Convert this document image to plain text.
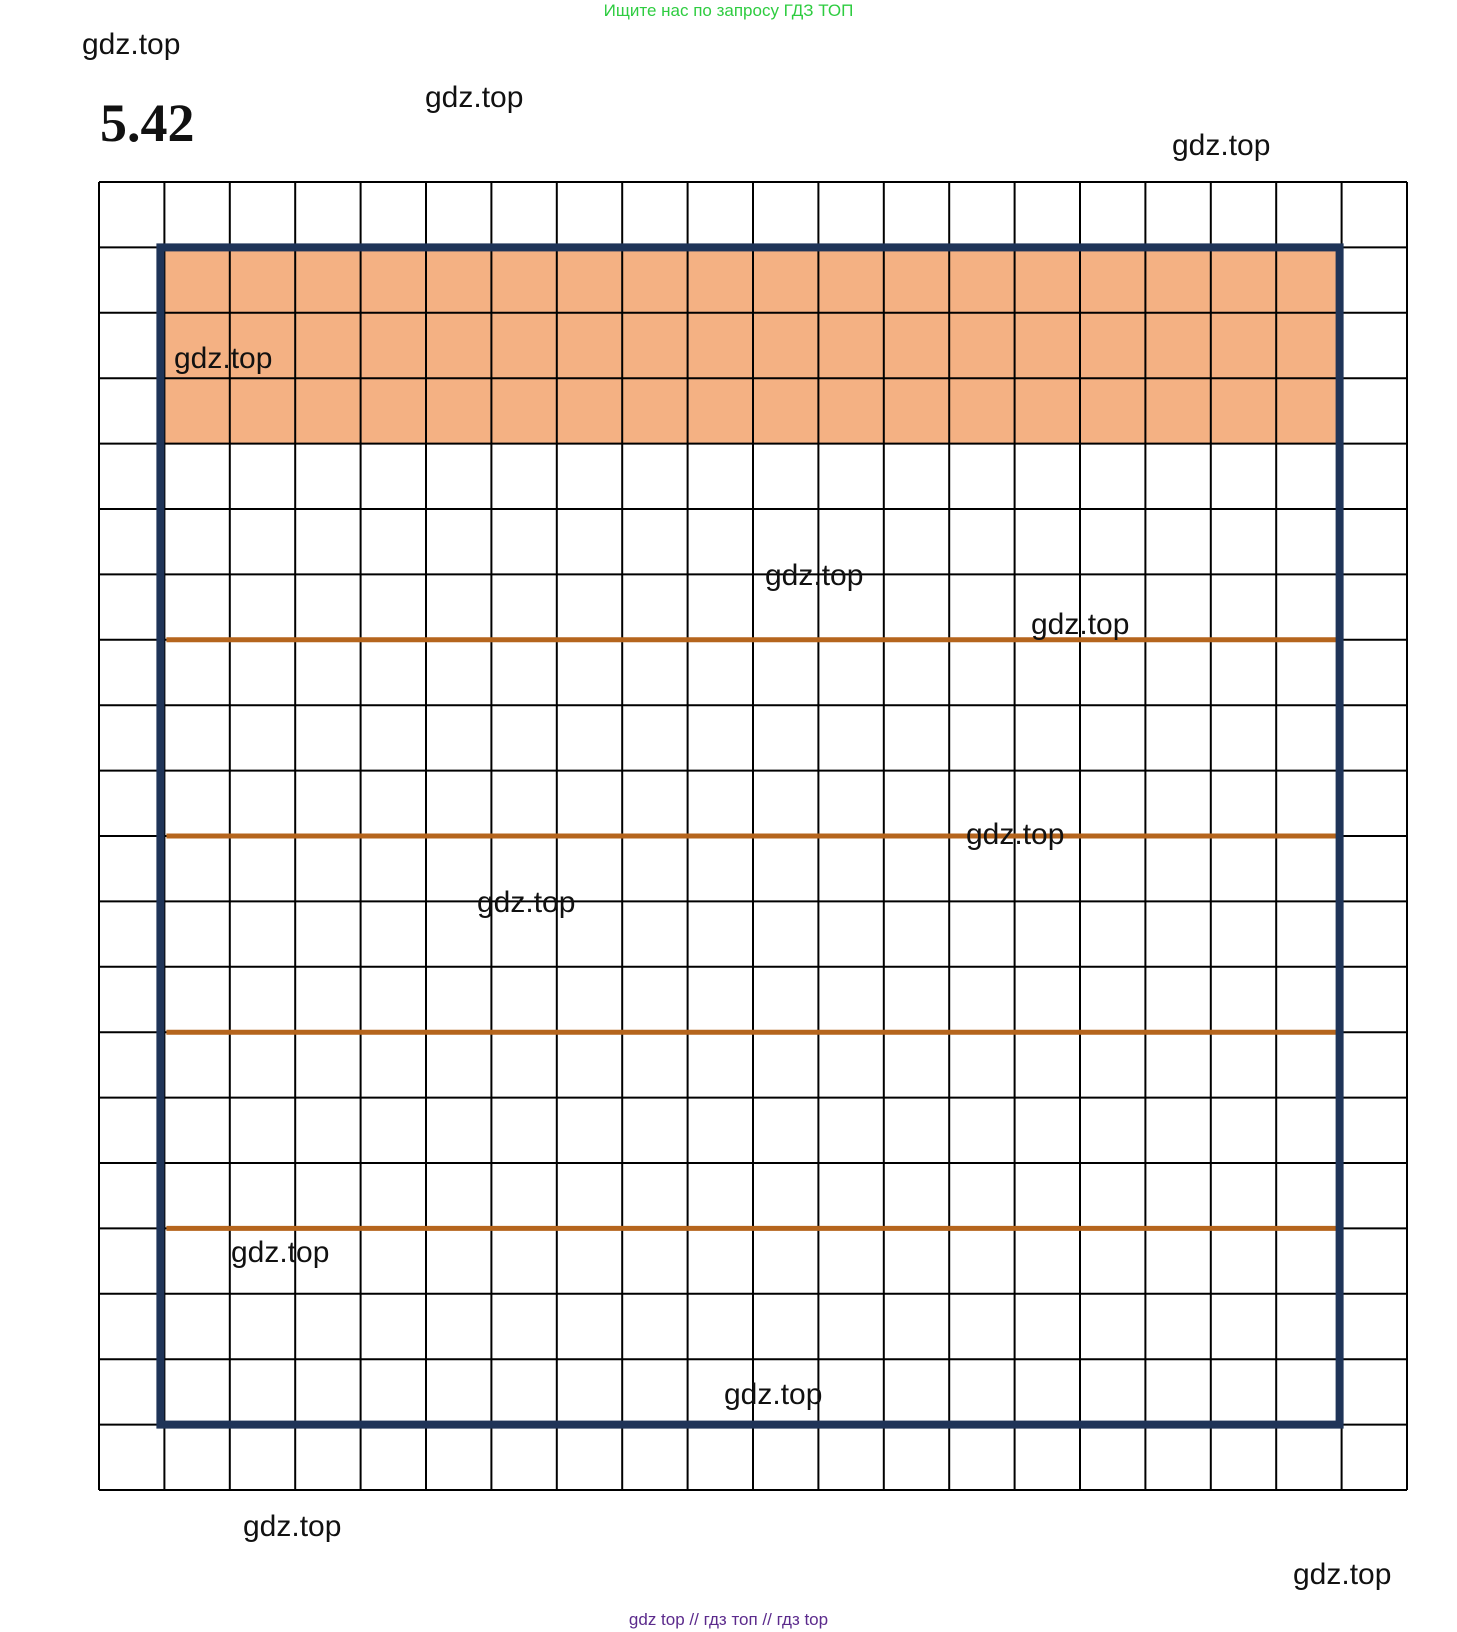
Ищите нас по запросу ГДЗ ТОП
5.42
gdz.top
gdz.top
gdz.top
gdz.top
gdz.top
gdz.top
gdz.top
gdz.top
gdz.top
gdz.top
gdz.top
gdz.top
gdz top // гдз топ // гдз top
